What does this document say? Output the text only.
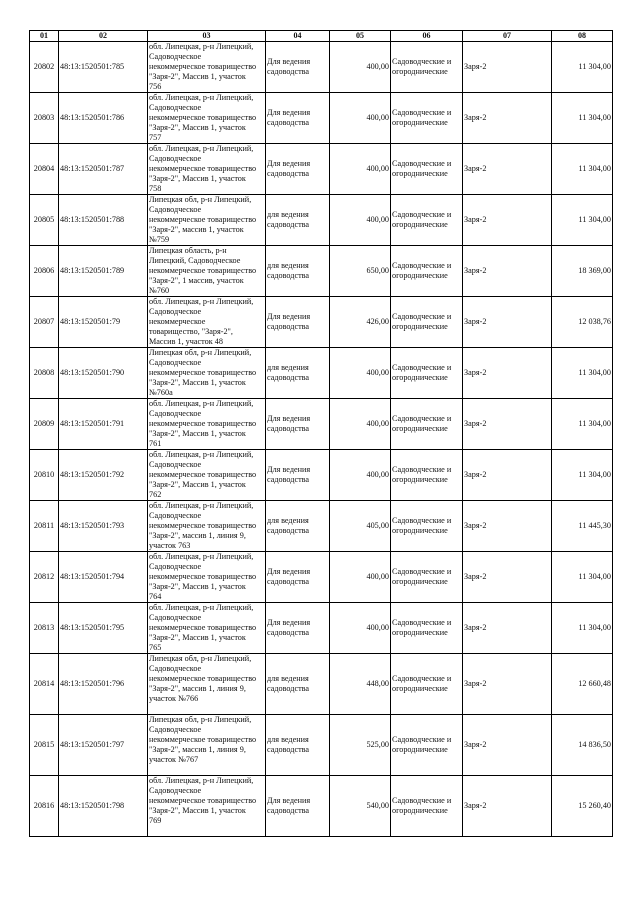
01	02	03	04	05	06	07	08

20802	48:13:1520501:785	обл. Липецкая, р-н Липецкий,
Садоводческое
некоммерческое товарищество
"Заря-2", Массив 1, участок
756	Для ведения
садоводства	400,00	Садоводческие и
огороднические	Заря-2	11 304,00

20803	48:13:1520501:786	обл. Липецкая, р-н Липецкий,
Садоводческое
некоммерческое товарищество
"Заря-2", Массив 1, участок
757	Для ведения
садоводства	400,00	Садоводческие и
огороднические	Заря-2	11 304,00

20804	48:13:1520501:787	обл. Липецкая, р-н Липецкий,
Садоводческое
некоммерческое товарищество
"Заря-2", Массив 1, участок
758	Для ведения
садоводства	400,00	Садоводческие и
огороднические	Заря-2	11 304,00

20805	48:13:1520501:788	Липецкая обл, р-н Липецкий,
Садоводческое
некоммерческое товарищество
"Заря-2", массив 1, участок
№759	для ведения
садоводства	400,00	Садоводческие и
огороднические	Заря-2	11 304,00

20806	48:13:1520501:789	Липецкая область, р-н
Липецкий, Садоводческое
некоммерческое товарищество
"Заря-2", 1 массив, участок
№760	для ведения
садоводства	650,00	Садоводческие и
огороднические	Заря-2	18 369,00

20807	48:13:1520501:79	обл. Липецкая, р-н Липецкий,
Садоводческое
некоммерческое
товарищество, "Заря-2",
Массив 1, участок 48	Для ведения
садоводства	426,00	Садоводческие и
огороднические	Заря-2	12 038,76

20808	48:13:1520501:790	Липецкая обл, р-н Липецкий,
Садоводческое
некоммерческое товарищество
"Заря-2", Массив 1, участок
№760а	для ведения
садоводства	400,00	Садоводческие и
огороднические	Заря-2	11 304,00

20809	48:13:1520501:791	обл. Липецкая, р-н Липецкий,
Садоводческое
некоммерческое товарищество
"Заря-2", Массив 1, участок
761	Для ведения
садоводства	400,00	Садоводческие и
огороднические	Заря-2	11 304,00

20810	48:13:1520501:792	обл. Липецкая, р-н Липецкий,
Садоводческое
некоммерческое товарищество
"Заря-2", Массив 1, участок
762	Для ведения
садоводства	400,00	Садоводческие и
огороднические	Заря-2	11 304,00

20811	48:13:1520501:793	обл. Липецкая, р-н Липецкий,
Садоводческое
некоммерческое товарищество
"Заря-2", массив 1, линия 9,
участок 763	для ведения
садоводства	405,00	Садоводческие и
огороднические	Заря-2	11 445,30

20812	48:13:1520501:794	обл. Липецкая, р-н Липецкий,
Садоводческое
некоммерческое товарищество
"Заря-2", Массив 1, участок
764	Для ведения
садоводства	400,00	Садоводческие и
огороднические	Заря-2	11 304,00

20813	48:13:1520501:795	обл. Липецкая, р-н Липецкий,
Садоводческое
некоммерческое товарищество
"Заря-2", Массив 1, участок
765	Для ведения
садоводства	400,00	Садоводческие и
огороднические	Заря-2	11 304,00

20814	48:13:1520501:796	Липецкая обл, р-н Липецкий,
Садоводческое
некоммерческое товарищество
"Заря-2", массив 1, линия 9,
участок №766	для ведения
садоводства	448,00	Садоводческие и
огороднические	Заря-2	12 660,48

20815	48:13:1520501:797	Липецкая обл, р-н Липецкий,
Садоводческое
некоммерческое товарищество
"Заря-2", массив 1, линия 9,
участок №767	для ведения
садоводства	525,00	Садоводческие и
огороднические	Заря-2	14 836,50

20816	48:13:1520501:798	обл. Липецкая, р-н Липецкий,
Садоводческое
некоммерческое товарищество
"Заря-2", Массив 1, участок
769	Для ведения
садоводства	540,00	Садоводческие и
огороднические	Заря-2	15 260,40
